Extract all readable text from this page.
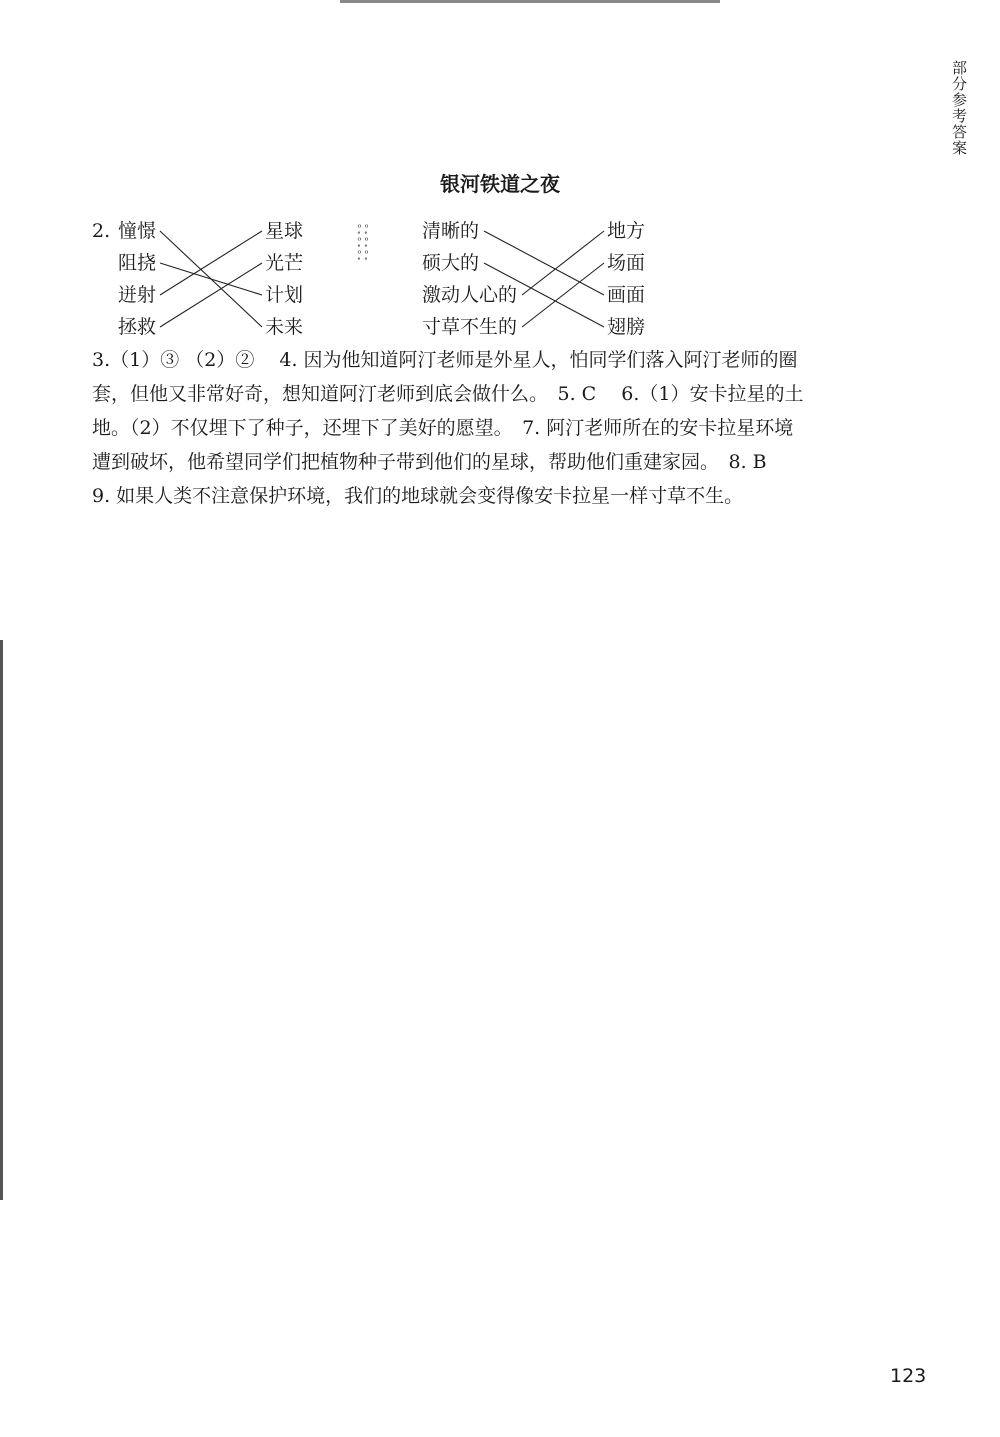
部分参考答案
银河铁道之夜
2. 憧憬
阻挠
迸射
拯救
星球
光芒
计划
未来
ᵒ̥ ᵒ̥ ᵒ̥ ᵒ̥ ᵒ̥ ᵒ̥
清晰的
硕大的
激动人心的
寸草不生的
地方
场面
画面
翅膀
3.（1）③ （2）②　 4. 因为他知道阿汀老师是外星人，怕同学们落入阿汀老师的圈
套，但他又非常好奇，想知道阿汀老师到底会做什么。　5. C　 6.（1）安卡拉星的土
地。（2）不仅埋下了种子，还埋下了美好的愿望。　7. 阿汀老师所在的安卡拉星环境
遭到破坏，他希望同学们把植物种子带到他们的星球，帮助他们重建家园。　8. B
9. 如果人类不注意保护环境，我们的地球就会变得像安卡拉星一样寸草不生。
123
